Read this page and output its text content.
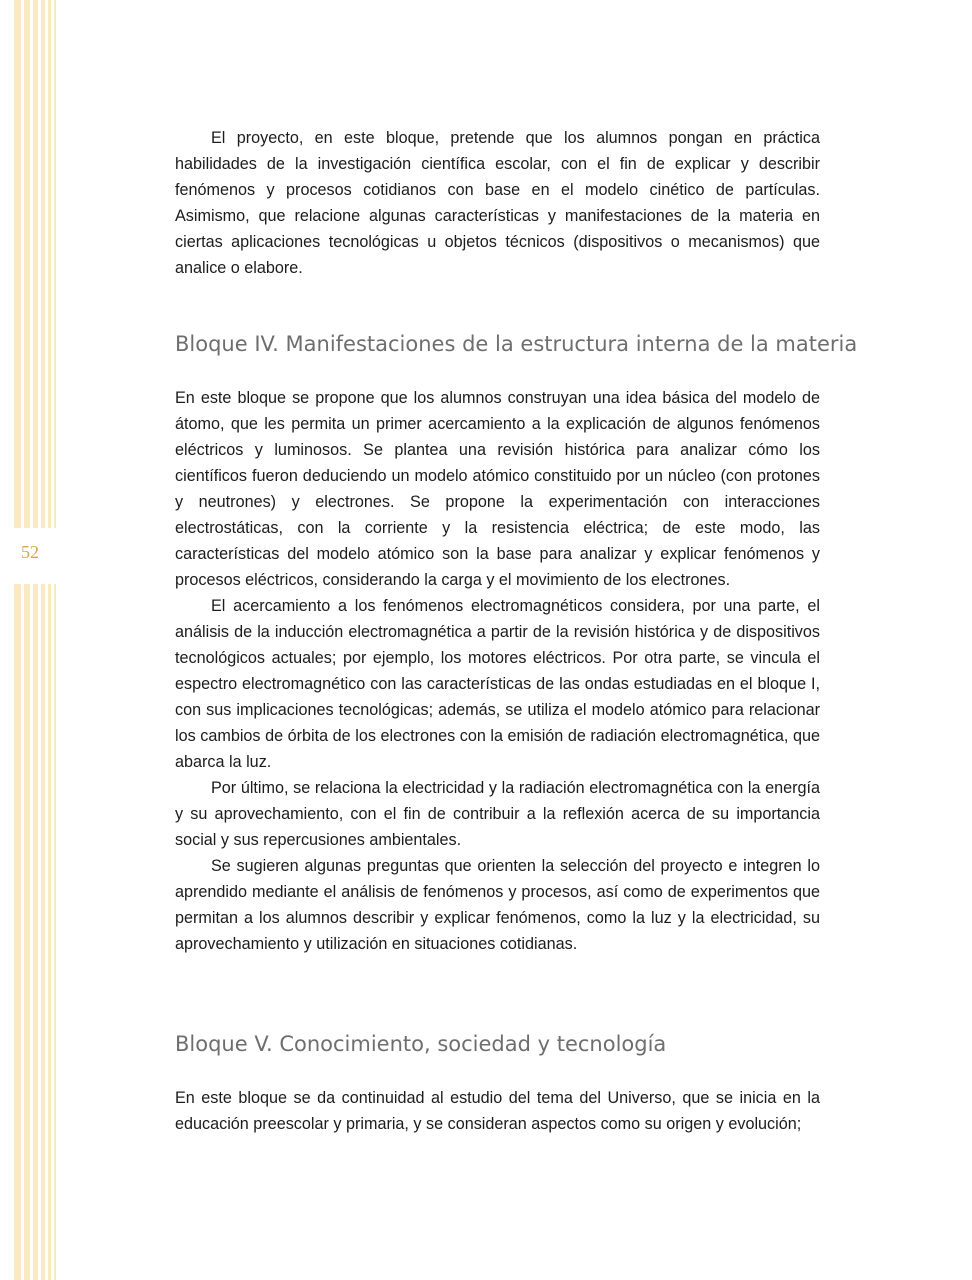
52

El proyecto, en este bloque, pretende que los alumnos pongan en práctica habilidades de la investigación científica escolar, con el fin de explicar y describir fenómenos y procesos cotidianos con base en el modelo cinético de partículas. Asimismo, que relacione algunas características y manifestaciones de la materia en ciertas aplicaciones tecnológicas u objetos técnicos (dispositivos o mecanismos) que analice o elabore.

Bloque IV. Manifestaciones de la estructura interna de la materia

En este bloque se propone que los alumnos construyan una idea básica del modelo de átomo, que les permita un primer acercamiento a la explicación de algunos fenómenos eléctricos y luminosos. Se plantea una revisión histórica para analizar cómo los científicos fueron deduciendo un modelo atómico constituido por un núcleo (con protones y neutrones) y electrones. Se propone la experimentación con interacciones electrostáticas, con la corriente y la resistencia eléctrica; de este modo, las características del modelo atómico son la base para analizar y explicar fenómenos y procesos eléctricos, considerando la carga y el movimiento de los electrones.

El acercamiento a los fenómenos electromagnéticos considera, por una parte, el análisis de la inducción electromagnética a partir de la revisión histórica y de dispositivos tecnológicos actuales; por ejemplo, los motores eléctricos. Por otra parte, se vincula el espectro electromagnético con las características de las ondas estudiadas en el bloque I, con sus implicaciones tecnológicas; además, se utiliza el modelo atómico para relacionar los cambios de órbita de los electrones con la emisión de radiación electromagnética, que abarca la luz.

Por último, se relaciona la electricidad y la radiación electromagnética con la energía y su aprovechamiento, con el fin de contribuir a la reflexión acerca de su importancia social y sus repercusiones ambientales.

Se sugieren algunas preguntas que orienten la selección del proyecto e integren lo aprendido mediante el análisis de fenómenos y procesos, así como de experimentos que permitan a los alumnos describir y explicar fenómenos, como la luz y la electricidad, su aprovechamiento y utilización en situaciones cotidianas.

Bloque V. Conocimiento, sociedad y tecnología

En este bloque se da continuidad al estudio del tema del Universo, que se inicia en la educación preescolar y primaria, y se consideran aspectos como su origen y evolución;
